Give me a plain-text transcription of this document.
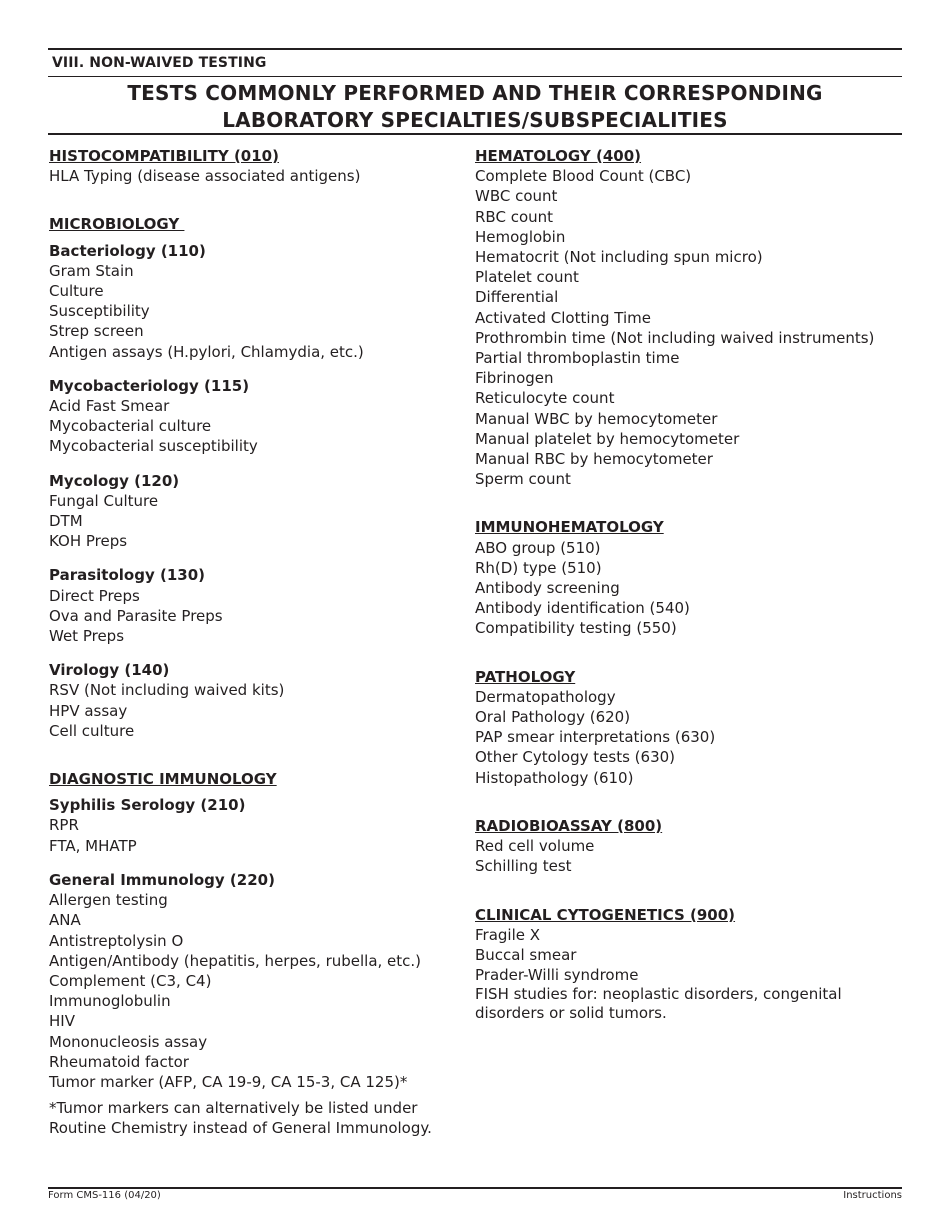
VIII. NON-WAIVED TESTING
TESTS COMMONLY PERFORMED AND THEIR CORRESPONDING
LABORATORY SPECIALTIES/SUBSPECIALITIES
HISTOCOMPATIBILITY (010)
HLA Typing (disease associated antigens)
MICROBIOLOGY
Bacteriology (110)
Gram Stain
Culture
Susceptibility
Strep screen
Antigen assays (H.pylori, Chlamydia, etc.)
Mycobacteriology (115)
Acid Fast Smear
Mycobacterial culture
Mycobacterial susceptibility
Mycology (120)
Fungal Culture
DTM
KOH Preps
Parasitology (130)
Direct Preps
Ova and Parasite Preps
Wet Preps
Virology (140)
RSV (Not including waived kits)
HPV assay
Cell culture
DIAGNOSTIC IMMUNOLOGY
Syphilis Serology (210)
RPR
FTA, MHATP
General Immunology (220)
Allergen testing
ANA
Antistreptolysin O
Antigen/Antibody (hepatitis, herpes, rubella, etc.)
Complement (C3, C4)
Immunoglobulin
HIV
Mononucleosis assay
Rheumatoid factor
Tumor marker (AFP, CA 19-9, CA 15-3, CA 125)*
*Tumor markers can alternatively be listed under
Routine Chemistry instead of General Immunology.
HEMATOLOGY (400)
Complete Blood Count (CBC)
WBC count
RBC count
Hemoglobin
Hematocrit (Not including spun micro)
Platelet count
Differential
Activated Clotting Time
Prothrombin time (Not including waived instruments)
Partial thromboplastin time
Fibrinogen
Reticulocyte count
Manual WBC by hemocytometer
Manual platelet by hemocytometer
Manual RBC by hemocytometer
Sperm count
IMMUNOHEMATOLOGY
ABO group (510)
Rh(D) type (510)
Antibody screening
Antibody identification (540)
Compatibility testing (550)
PATHOLOGY
Dermatopathology
Oral Pathology (620)
PAP smear interpretations (630)
Other Cytology tests (630)
Histopathology (610)
RADIOBIOASSAY (800)
Red cell volume
Schilling test
CLINICAL CYTOGENETICS (900)
Fragile X
Buccal smear
Prader-Willi syndrome
FISH studies for: neoplastic disorders, congenital disorders or solid tumors.
Form CMS-116 (04/20)	Instructions
